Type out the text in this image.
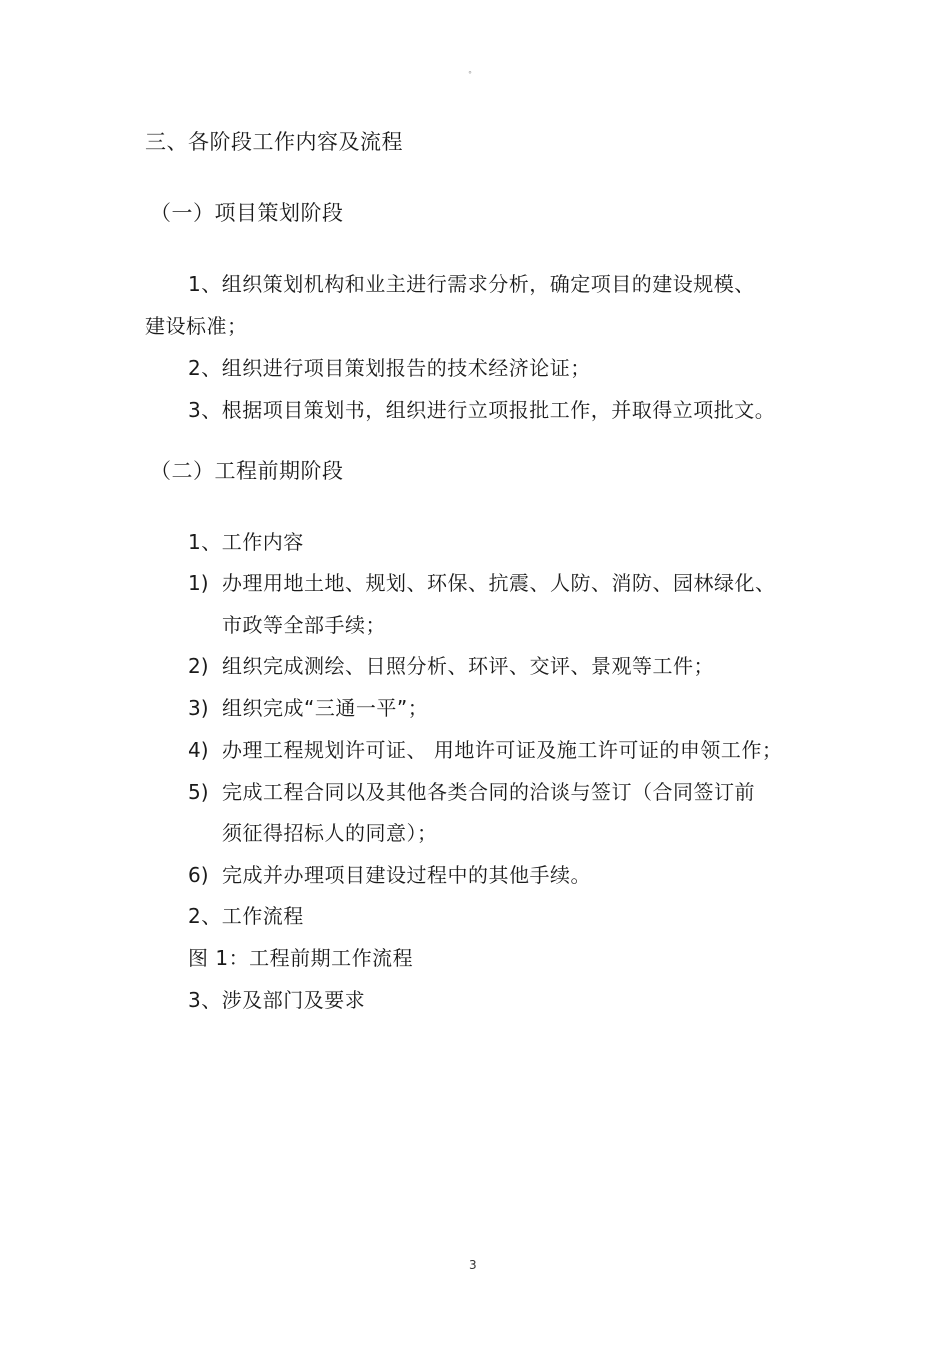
°
三、各阶段工作内容及流程
（一）项目策划阶段
1、组织策划机构和业主进行需求分析，确定项目的建设规模、
建设标准；
2、组织进行项目策划报告的技术经济论证；
3、根据项目策划书，组织进行立项报批工作，并取得立项批文。
（二）工程前期阶段
1、工作内容
1) 办理用地土地、规划、环保、抗震、人防、消防、园林绿化、
市政等全部手续；
2) 组织完成测绘、日照分析、环评、交评、景观等工件；
3) 组织完成“三通一平”；
4) 办理工程规划许可证、 用地许可证及施工许可证的申领工作；
5) 完成工程合同以及其他各类合同的洽谈与签订（合同签订前
须征得招标人的同意）；
6) 完成并办理项目建设过程中的其他手续。
2、工作流程
图 1：工程前期工作流程
3、涉及部门及要求
3
